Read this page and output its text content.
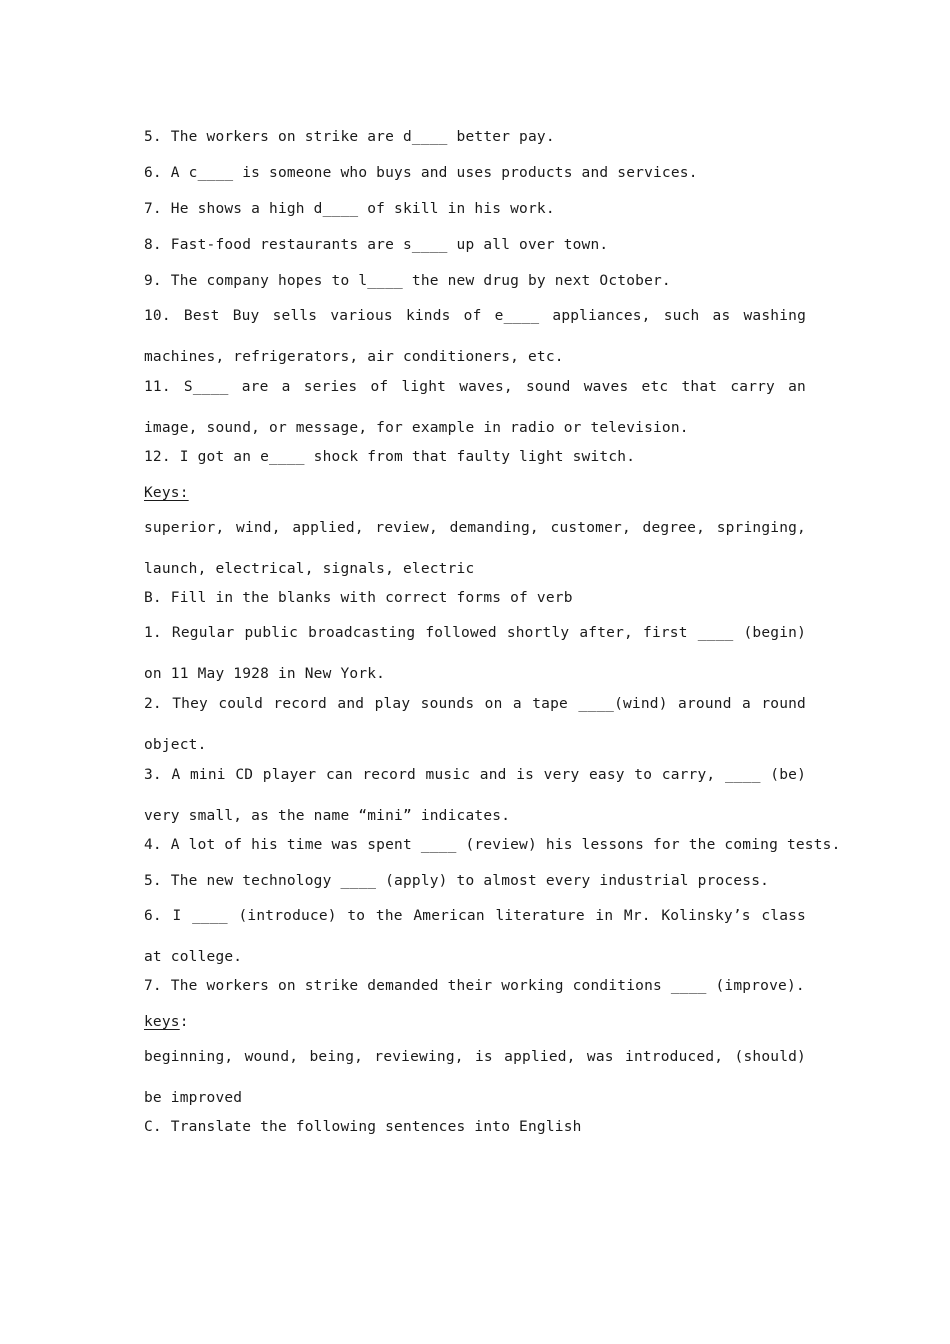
5. The workers on strike are d____ better pay.
6. A c____ is someone who buys and uses products and services.
7. He shows a high d____ of skill in his work.
8. Fast-food restaurants are s____ up all over town.
9. The company hopes to l____ the new drug by next October.
10. Best Buy sells various kinds of e____ appliances, such as washing machines, refrigerators, air conditioners, etc.
11. S____ are a series of light waves, sound waves etc that carry an image, sound, or message, for example in radio or television.
12. I got an e____ shock from that faulty light switch.
Keys:
superior, wind, applied, review, demanding, customer, degree, springing, launch, electrical, signals, electric
B. Fill in the blanks with correct forms of verb
1. Regular public broadcasting followed shortly after, first ____ (begin) on 11 May 1928 in New York.
2. They could record and play sounds on a tape ____(wind) around a round object.
3. A mini CD player can record music and is very easy to carry, ____ (be) very small, as the name “mini” indicates.
4. A lot of his time was spent ____ (review) his lessons for the coming tests.
5. The new technology ____ (apply) to almost every industrial process.
6. I ____ (introduce) to the American literature in Mr. Kolinsky’s class at college.
7. The workers on strike demanded their working conditions ____ (improve).
keys:
beginning, wound, being, reviewing, is applied, was introduced, (should) be improved
C. Translate the following sentences into English
